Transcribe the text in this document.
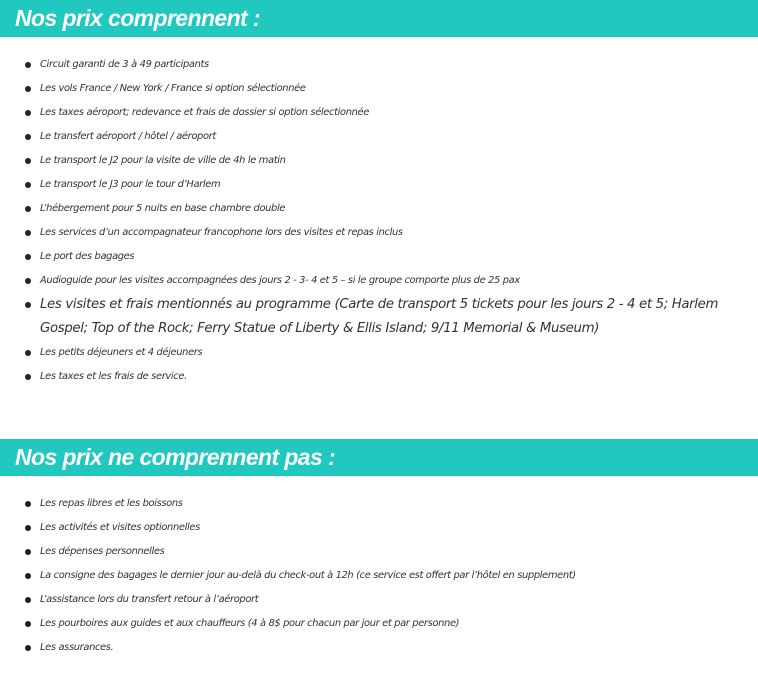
Nos prix comprennent :
Circuit garanti de 3 à 49 participants
Les vols France / New York / France si option sélectionnée
Les taxes aéroport; redevance et frais de dossier si option sélectionnée
Le transfert aéroport / hôtel / aéroport
Le transport le J2 pour la visite de ville de 4h le matin
Le transport le J3 pour le tour d’Harlem
L’hébergement pour 5 nuits en base chambre double
Les services d’un accompagnateur francophone lors des visites et repas inclus
Le port des bagages
Audioguide pour les visites accompagnées des jours 2 - 3- 4 et 5 – si le groupe comporte plus de 25 pax
Les visites et frais mentionnés au programme (Carte de transport 5 tickets pour les jours 2 - 4 et 5; Harlem Gospel; Top of the Rock; Ferry Statue of Liberty & Ellis Island; 9/11 Memorial & Museum)
Les petits déjeuners et 4 déjeuners
Les taxes et les frais de service.
Nos prix ne comprennent pas :
Les repas libres et les boissons
Les activités et visites optionnelles
Les dépenses personnelles
La consigne des bagages le dernier jour au-delà du check-out à 12h (ce service est offert par l’hôtel en supplement)
L’assistance lors du transfert retour à l’aéroport
Les pourboires aux guides et aux chauffeurs (4 à 8$ pour chacun par jour et par personne)
Les assurances.
